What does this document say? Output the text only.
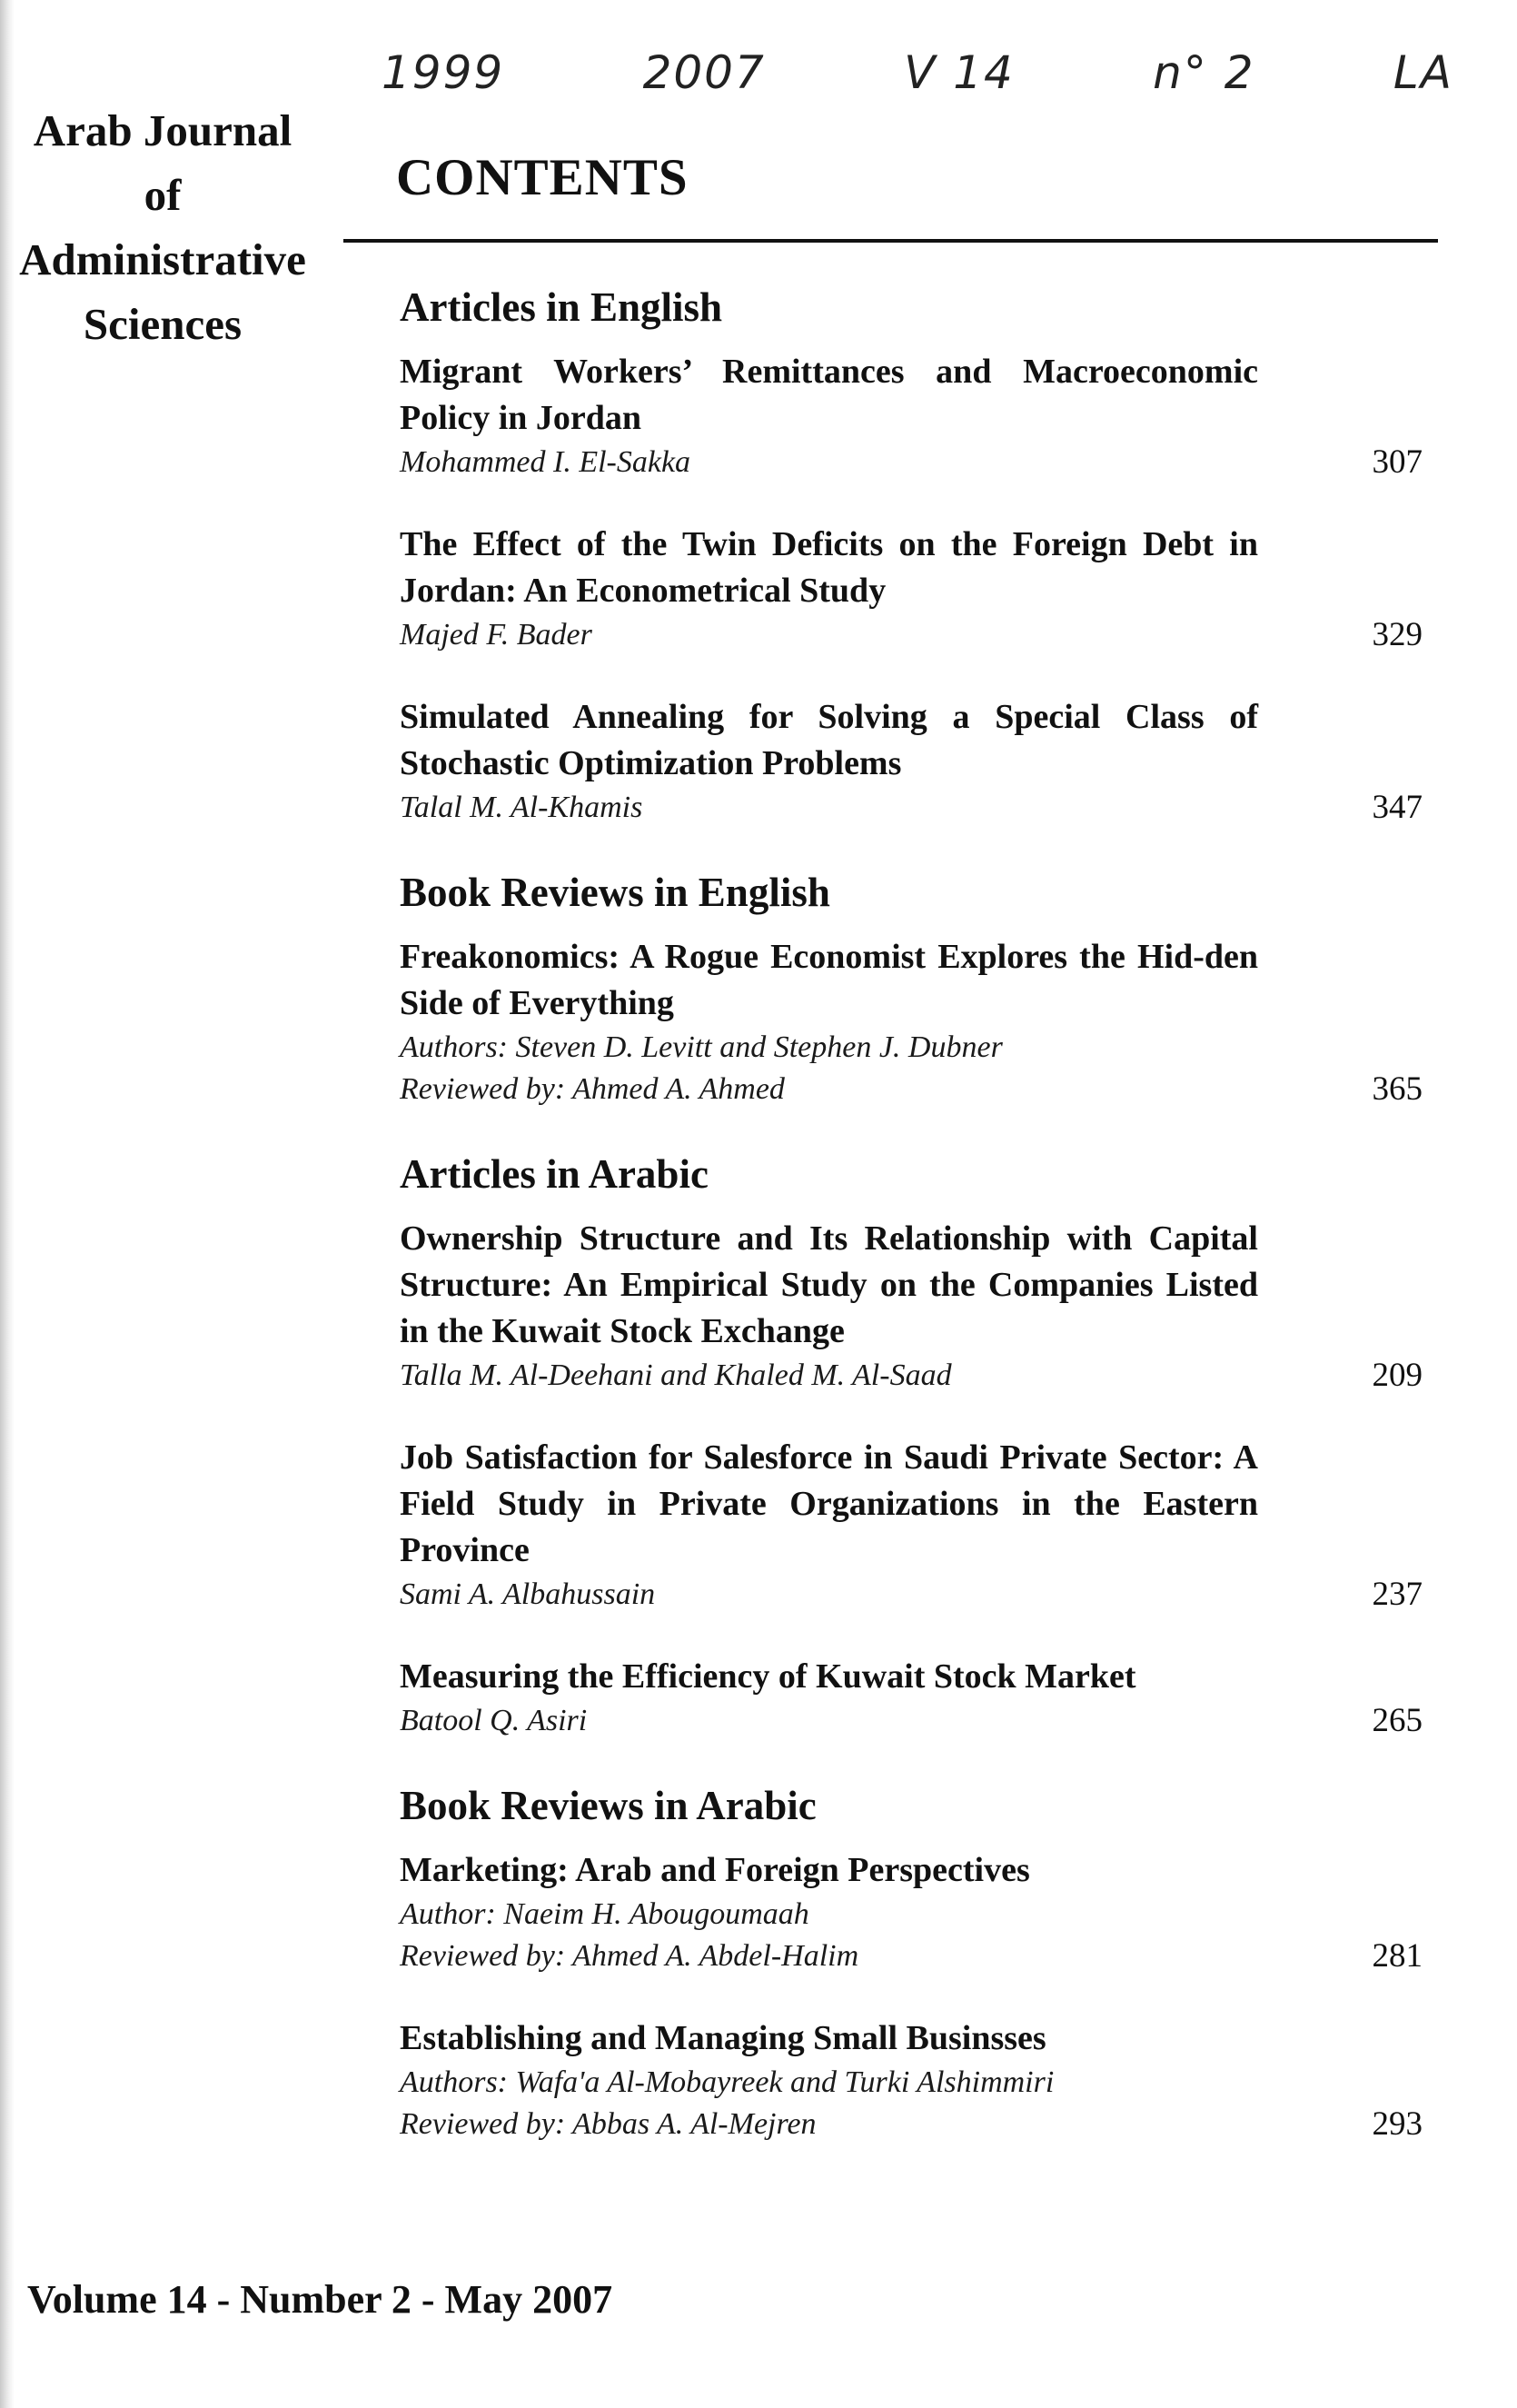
1999	2007	V 14	n° 2	LA
Arab Journal
of
Administrative
Sciences
CONTENTS
Articles in English
Migrant Workers’ Remittances and Macroeconomic Policy in Jordan
Mohammed I. El-Sakka	307
The Effect of the Twin Deficits on the Foreign Debt in Jordan: An Econometrical Study
Majed F. Bader	329
Simulated Annealing for Solving a Special Class of Stochastic Optimization Problems
Talal M. Al-Khamis	347
Book Reviews in English
Freakonomics: A Rogue Economist Explores the Hid-den Side of Everything
Authors: Steven D. Levitt and Stephen J. Dubner
Reviewed by: Ahmed A. Ahmed	365
Articles in Arabic
Ownership Structure and Its Relationship with Capital Structure: An Empirical Study on the Companies Listed in the Kuwait Stock Exchange
Talla M. Al-Deehani and Khaled M. Al-Saad	209
Job Satisfaction for Salesforce in Saudi Private Sector: A Field Study in Private Organizations in the Eastern Province
Sami A. Albahussain	237
Measuring the Efficiency of Kuwait Stock Market
Batool Q. Asiri	265
Book Reviews in Arabic
Marketing: Arab and Foreign Perspectives
Author: Naeim H. Abougoumaah
Reviewed by: Ahmed A. Abdel-Halim	281
Establishing and Managing Small Businsses
Authors: Wafa'a Al-Mobayreek and Turki Alshimmiri
Reviewed by: Abbas A. Al-Mejren	293
Volume 14 - Number 2 - May 2007
